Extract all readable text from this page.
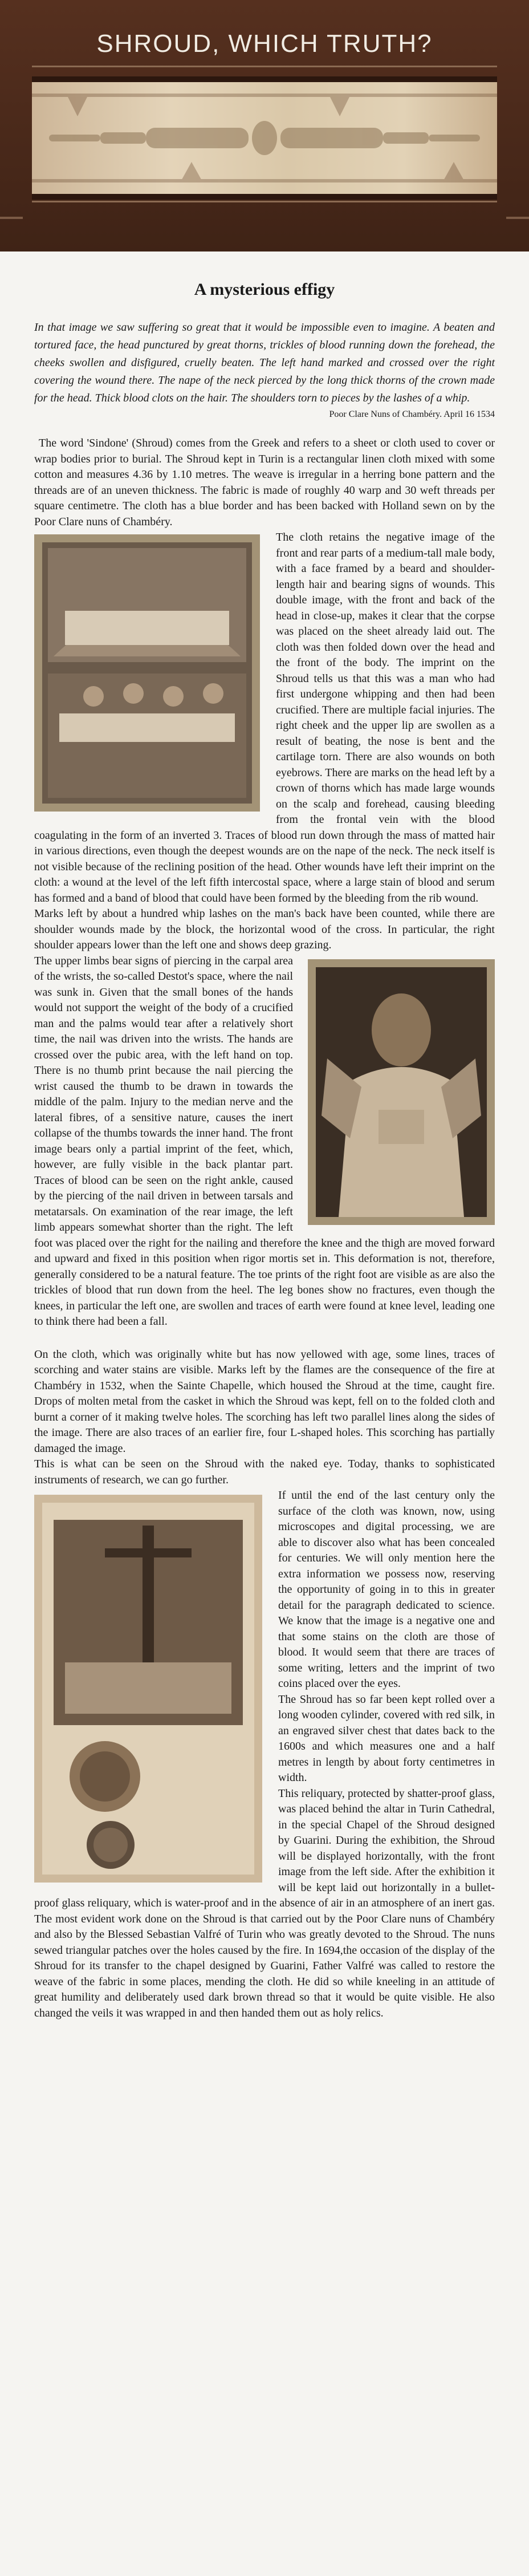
SHROUD, WHICH TRUTH?
A mysterious effigy

In that image we saw suffering so great that it would be impossible even to imagine. A beaten and tortured face, the head punctured by great thorns, trickles of blood running down the forehead, the cheeks swollen and disfigured, cruelly beaten. The left hand marked and crossed over the right covering the wound there. The nape of the neck pierced by the long thick thorns of the crown made for the head. Thick blood clots on the hair. The shoulders torn to pieces by the lashes of a whip.

Poor Clare Nuns of Chambéry. April 16 1534

The word 'Sindone' (Shroud) comes from the Greek and refers to a sheet or cloth used to cover or wrap bodies prior to burial. The Shroud kept in Turin is a rectangular linen cloth mixed with some cotton and measures 4.36 by 1.10 metres. The weave is irregular in a herring bone pattern and the threads are of an uneven thickness. The fabric is made of roughly 40 warp and 30 weft threads per square centimetre. The cloth has a blue border and has been backed with Holland sewn on by the Poor Clare nuns of Chambéry.

The cloth retains the negative image of the front and rear parts of a medium-tall male body, with a face framed by a beard and shoulder-length hair and bearing signs of wounds. This double image, with the front and back of the head in close-up, makes it clear that the corpse was placed on the sheet already laid out. The cloth was then folded down over the head and the front of the body. The imprint on the Shroud tells us that this was a man who had first undergone whipping and then had been crucified. There are multiple facial injuries. The right cheek and the upper lip are swollen as a result of beating, the nose is bent and the cartilage torn. There are also wounds on both eyebrows. There are marks on the head left by a crown of thorns which has made large wounds on the scalp and forehead, causing bleeding from the frontal vein with the blood coagulating in the form of an inverted 3. Traces of blood run down through the mass of matted hair in various directions, even though the deepest wounds are on the nape of the neck. The neck itself is not visible because of the reclining position of the head. Other wounds have left their imprint on the cloth: a wound at the level of the left fifth intercostal space, where a large stain of blood and serum has formed and a band of blood that could have been formed by the bleeding from the rib wound.

Marks left by about a hundred whip lashes on the man's back have been counted, while there are shoulder wounds made by the block, the horizontal wood of the cross. In particular, the right shoulder appears lower than the left one and shows deep grazing.

The upper limbs bear signs of piercing in the carpal area of the wrists, the so-called Destot's space, where the nail was sunk in. Given that the small bones of the hands would not support the weight of the body of a crucified man and the palms would tear after a relatively short time, the nail was driven into the wrists. The hands are crossed over the pubic area, with the left hand on top. There is no thumb print because the nail piercing the wrist caused the thumb to be drawn in towards the middle of the palm. Injury to the median nerve and the lateral fibres, of a sensitive nature, causes the inert collapse of the thumbs towards the inner hand. The front image bears only a partial imprint of the feet, which, however, are fully visible in the back plantar part. Traces of blood can be seen on the right ankle, caused by the piercing of the nail driven in between tarsals and metatarsals. On examination of the rear image, the left limb appears somewhat shorter than the right. The left foot was placed over the right for the nailing and therefore the knee and the thigh are moved forward and upward and fixed in this position when rigor mortis set in. This deformation is not, therefore, generally considered to be a natural feature. The toe prints of the right foot are visible as are also the trickles of blood that run down from the heel. The leg bones show no fractures, even though the knees, in particular the left one, are swollen and traces of earth were found at knee level, leading one to think there had been a fall.

On the cloth, which was originally white but has now yellowed with age, some lines, traces of scorching and water stains are visible. Marks left by the flames are the consequence of the fire at Chambéry in 1532, when the Sainte Chapelle, which housed the Shroud at the time, caught fire. Drops of molten metal from the casket in which the Shroud was kept, fell on to the folded cloth and burnt a corner of it making twelve holes. The scorching has left two parallel lines along the sides of the image. There are also traces of an earlier fire, four L-shaped holes. This scorching has partially damaged the image.

This is what can be seen on the Shroud with the naked eye. Today, thanks to sophisticated instruments of research, we can go further.

If until the end of the last century only the surface of the cloth was known, now, using microscopes and digital processing, we are able to discover also what has been concealed for centuries. We will only mention here the extra information we possess now, reserving the opportunity of going in to this in greater detail for the paragraph dedicated to science. We know that the image is a negative one and that some stains on the cloth are those of blood. It would seem that there are traces of some writing, letters and the imprint of two coins placed over the eyes.

The Shroud has so far been kept rolled over a long wooden cylinder, covered with red silk, in an engraved silver chest that dates back to the 1600s and which measures one and a half metres in length by about forty centimetres in width.

This reliquary, protected by shatter-proof glass, was placed behind the altar in Turin Cathedral, in the special Chapel of the Shroud designed by Guarini. During the exhibition, the Shroud will be displayed horizontally, with the front image from the left side. After the exhibition it will be kept laid out horizontally in a bullet-proof glass reliquary, which is water-proof and in the absence of air in an atmosphere of an inert gas. The most evident work done on the Shroud is that carried out by the Poor Clare nuns of Chambéry and also by the Blessed Sebastian Valfré of Turin who was greatly devoted to the Shroud. The nuns sewed triangular patches over the holes caused by the fire. In 1694,the occasion of the display of the Shroud for its transfer to the chapel designed by Guarini, Father Valfré was called to restore the weave of the fabric in some places, mending the cloth. He did so while kneeling in an attitude of great humility and deliberately used dark brown thread so that it would be quite visible. He also changed the veils it was wrapped in and then handed them out as holy relics.
